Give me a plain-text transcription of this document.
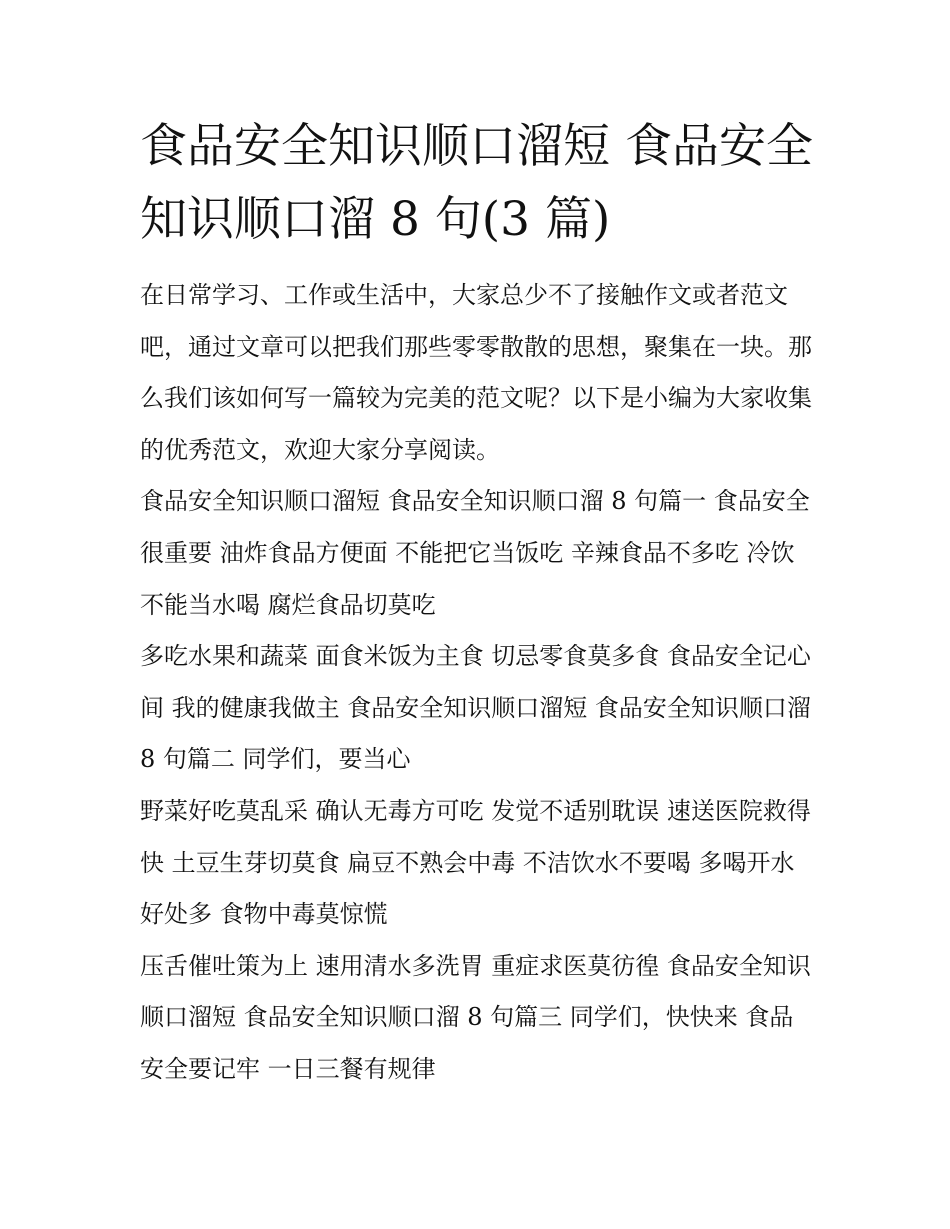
食品安全知识顺口溜短 食品安全知识顺口溜 8 句(3 篇)

在日常学习、工作或生活中，大家总少不了接触作文或者范文吧，通过文章可以把我们那些零零散散的思想，聚集在一块。那么我们该如何写一篇较为完美的范文呢？以下是小编为大家收集的优秀范文，欢迎大家分享阅读。

食品安全知识顺口溜短 食品安全知识顺口溜 8 句篇一 食品安全很重要 油炸食品方便面 不能把它当饭吃 辛辣食品不多吃 冷饮不能当水喝 腐烂食品切莫吃

多吃水果和蔬菜 面食米饭为主食 切忌零食莫多食 食品安全记心间 我的健康我做主 食品安全知识顺口溜短 食品安全知识顺口溜 8 句篇二 同学们，要当心

野菜好吃莫乱采 确认无毒方可吃 发觉不适别耽误 速送医院救得快 土豆生芽切莫食 扁豆不熟会中毒 不洁饮水不要喝 多喝开水好处多 食物中毒莫惊慌

压舌催吐策为上 速用清水多洗胃 重症求医莫彷徨 食品安全知识顺口溜短 食品安全知识顺口溜 8 句篇三 同学们，快快来 食品安全要记牢 一日三餐有规律
